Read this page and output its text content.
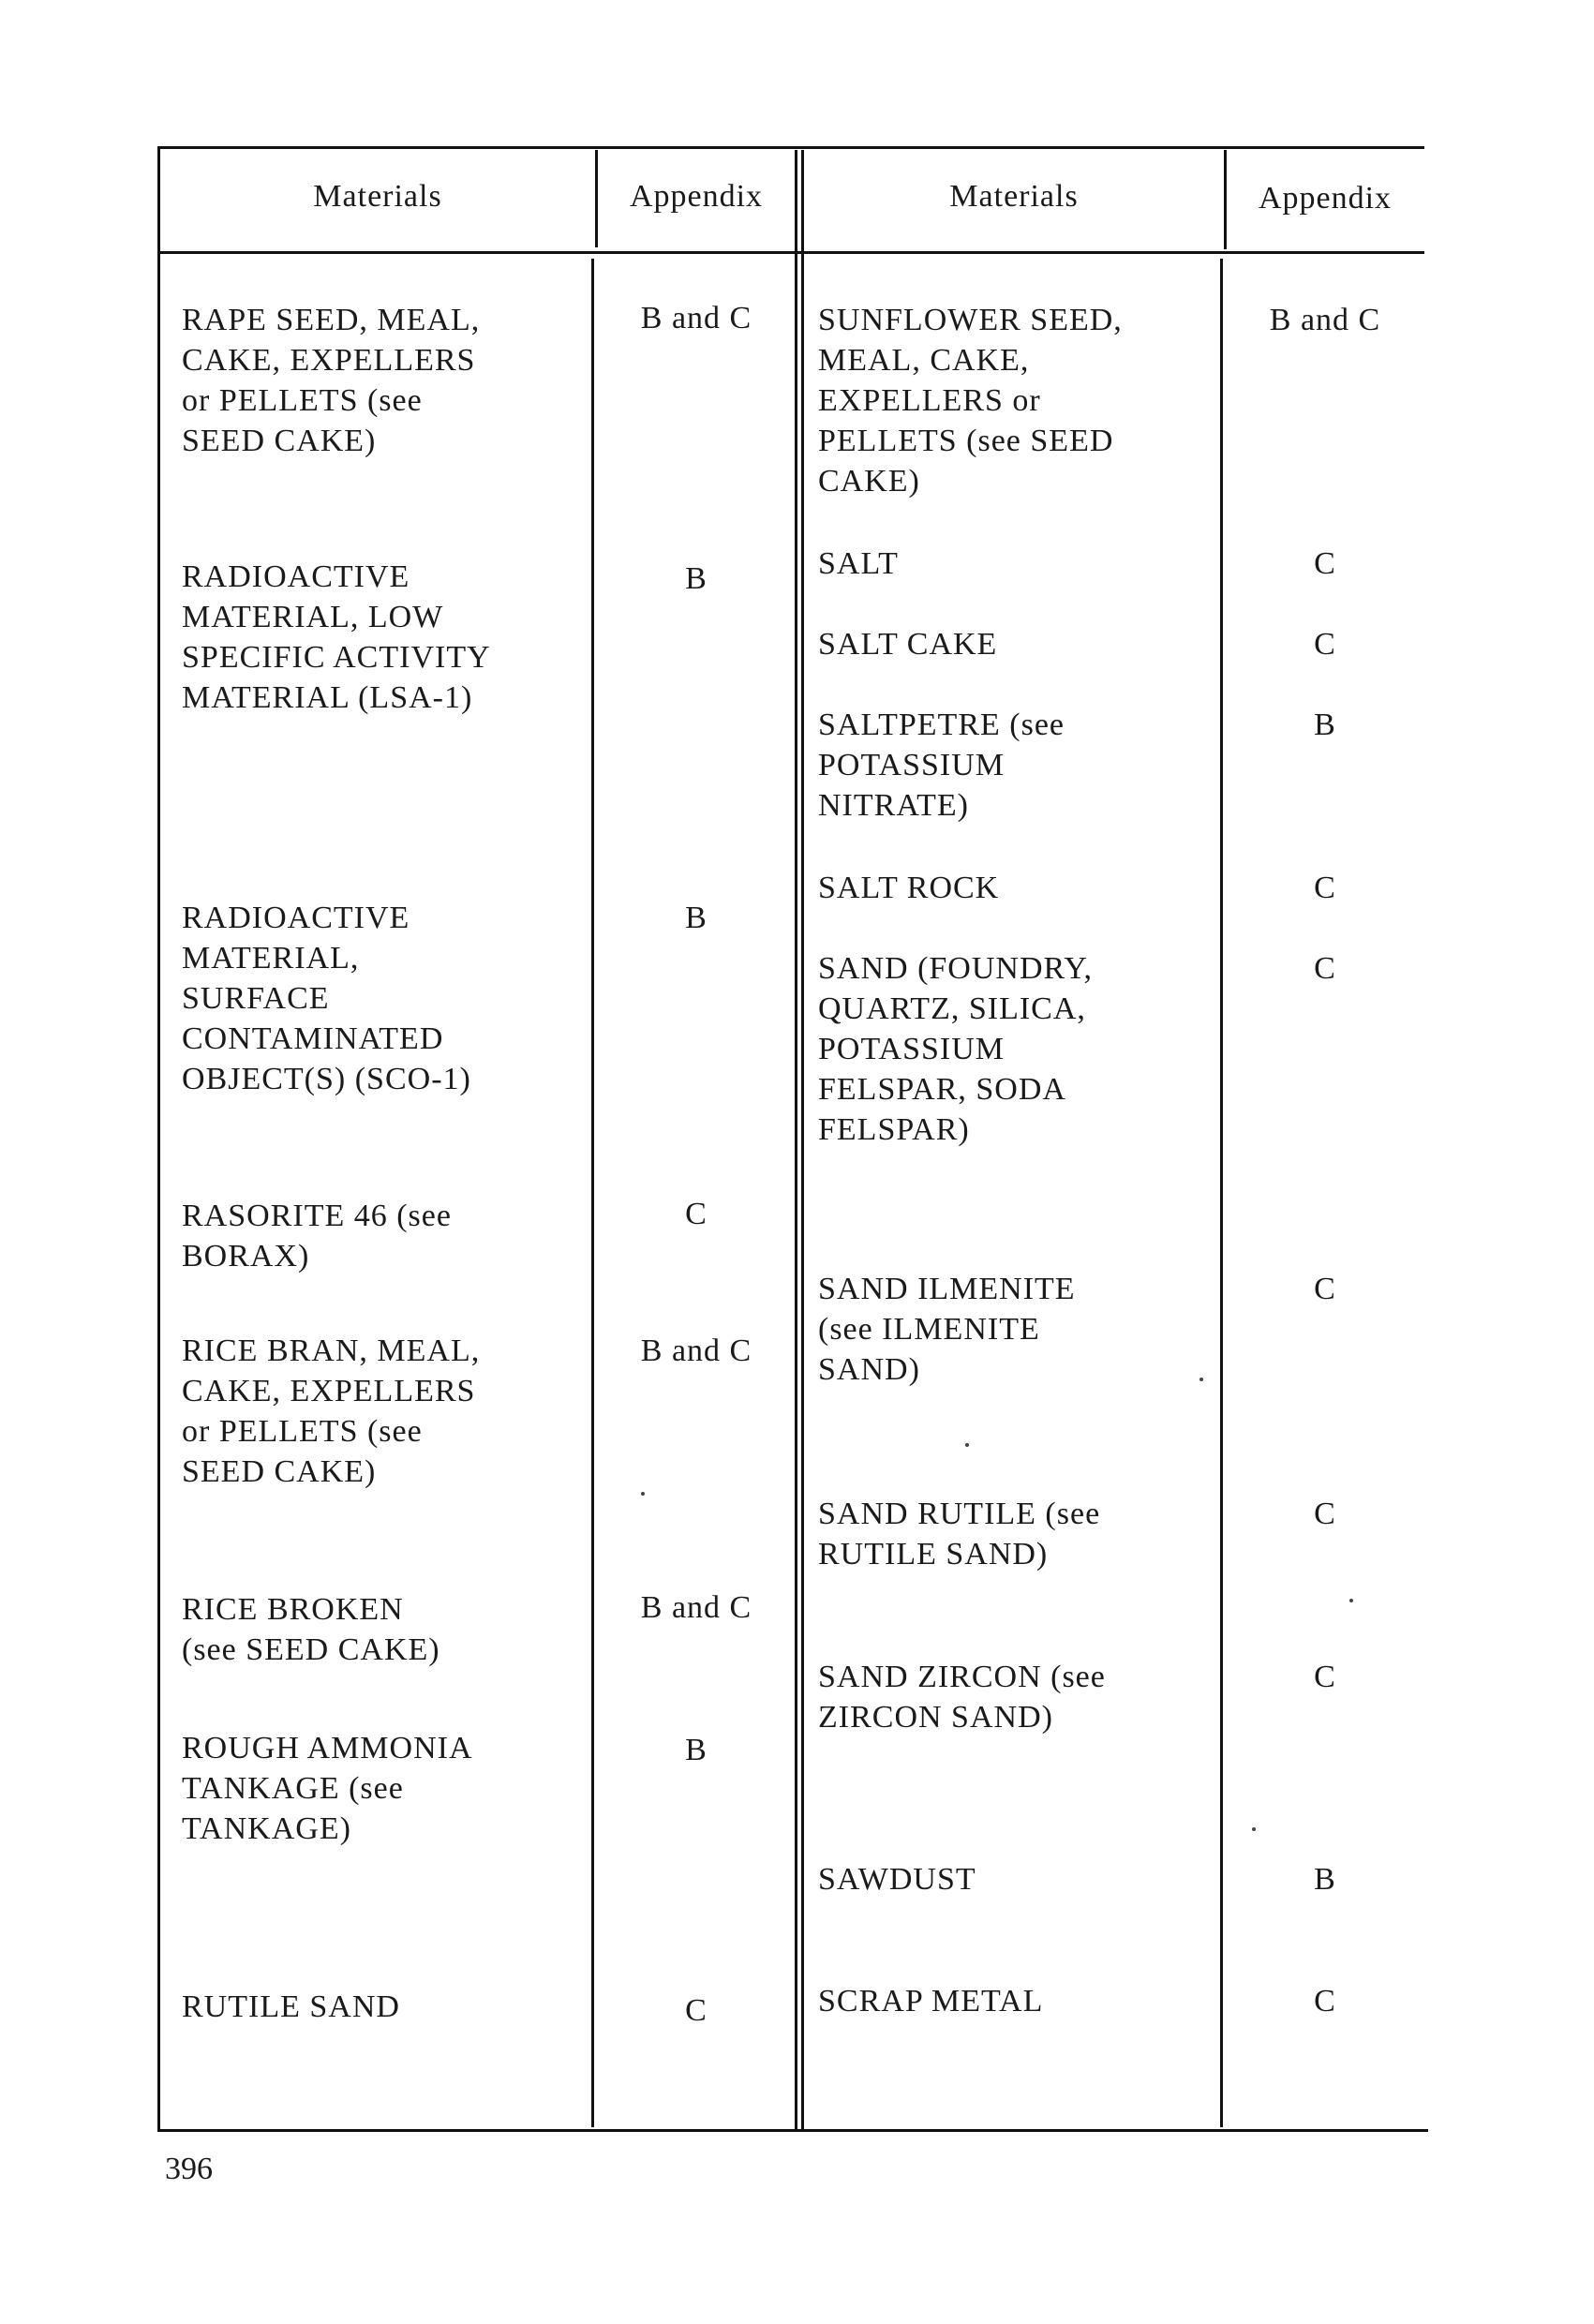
Materials	Appendix	Materials	Appendix
RAPE SEED, MEAL,
CAKE, EXPELLERS
or PELLETS (see
SEED CAKE)
B and C
RADIOACTIVE
MATERIAL, LOW
SPECIFIC ACTIVITY
MATERIAL (LSA-1)
B
RADIOACTIVE
MATERIAL,
SURFACE
CONTAMINATED
OBJECT(S) (SCO-1)
B
RASORITE 46 (see
BORAX)
C
RICE BRAN, MEAL,
CAKE, EXPELLERS
or PELLETS (see
SEED CAKE)
B and C
RICE BROKEN
(see SEED CAKE)
B and C
ROUGH AMMONIA
TANKAGE (see
TANKAGE)
B
RUTILE SAND	C
SUNFLOWER SEED,
MEAL, CAKE,
EXPELLERS or
PELLETS (see SEED
CAKE)
B and C
SALT	C
SALT CAKE	C
SALTPETRE (see
POTASSIUM
NITRATE)
B
SALT ROCK	C
SAND (FOUNDRY,
QUARTZ, SILICA,
POTASSIUM
FELSPAR, SODA
FELSPAR)
C
SAND ILMENITE
(see ILMENITE
SAND)
C
SAND RUTILE (see
RUTILE SAND)
C
SAND ZIRCON (see
ZIRCON SAND)
C
SAWDUST	B
SCRAP METAL	C
396
